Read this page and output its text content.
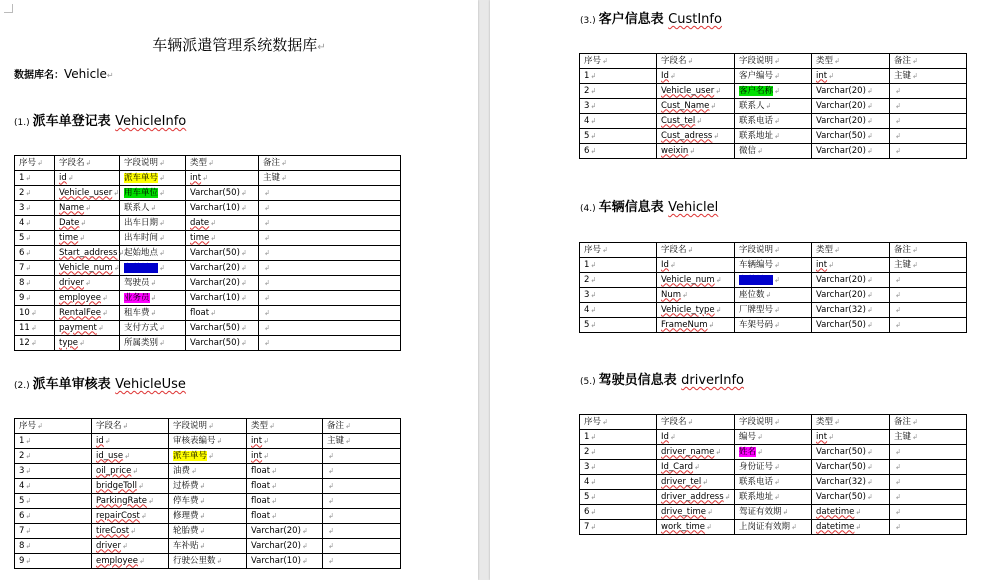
车辆派遣管理系统数据库↵
数据库名：Vehicle↵
(1.) 派车单登记表 VehicleInfo
序号↲	字段名↲	字段说明↲	类型↲	备注↲
1↲	id↲	派车单号↲	int↲	主键↲
2↲	Vehicle_user↲	用车单位↲	Varchar(50)↲	↲
3↲	Name↲	联系人↲	Varchar(10)↲	↲
4↲	Date↲	出车日期↲	date↲	↲
5↲	time↲	出车时间↲	time↲	↲
6↲	Start_address↲	起始地点↲	Varchar(50)↲	↲
7↲	Vehicle_num↲	车牌号码↲	Varchar(20)↲	↲
8↲	driver↲	驾驶员↲	Varchar(20)↲	↲
9↲	employee↲	业务员↲	Varchar(10)↲	↲
10↲	RentalFee↲	租车费↲	float↲	↲
11↲	payment↲	支付方式↲	Varchar(50)↲	↲
12↲	type↲	所属类别↲	Varchar(50)↲	↲
(2.) 派车单审核表 VehicleUse
序号↲	字段名↲	字段说明↲	类型↲	备注↲
1↲	id↲	审核表编号↲	int↲	主键↲
2↲	id_use↲	派车单号↲	int↲	↲
3↲	oil_price↲	油费↲	float↲	↲
4↲	bridgeToll↲	过桥费↲	float↲	↲
5↲	ParkingRate↲	停车费↲	float↲	↲
6↲	repairCost↲	修理费↲	float↲	↲
7↲	tireCost↲	轮胎费↲	Varchar(20)↲	↲
8↲	driver↲	车补贴↲	Varchar(20)↲	↲
9↲	employee↲	行驶公里数↲	Varchar(10)↲	↲
(3.) 客户信息表 CustInfo
序号↲	字段名↲	字段说明↲	类型↲	备注↲
1↲	Id↲	客户编号↲	int↲	主键↲
2↲	Vehicle_user↲	客户名称↲	Varchar(20)↲	↲
3↲	Cust_Name↲	联系人↲	Varchar(20)↲	↲
4↲	Cust_tel↲	联系电话↲	Varchar(20)↲	↲
5↲	Cust_adress↲	联系地址↲	Varchar(50)↲	↲
6↲	weixin↲	微信↲	Varchar(20)↲	↲
(4.) 车辆信息表 Vehiclel
序号↲	字段名↲	字段说明↲	类型↲	备注↲
1↲	Id↲	车辆编号↲	int↲	主键↲
2↲	Vehicle_num↲	车牌号码↲	Varchar(20)↲	↲
3↲	Num↲	座位数↲	Varchar(20)↲	↲
4↲	Vehicle_type↲	厂牌型号↲	Varchar(32)↲	↲
5↲	FrameNum↲	车架号码↲	Varchar(50)↲	↲
(5.) 驾驶员信息表 driverInfo
序号↲	字段名↲	字段说明↲	类型↲	备注↲
1↲	Id↲	编号↲	int↲	主键↲
2↲	driver_name↲	姓名↲	Varchar(50)↲	↲
3↲	Id_Card↲	身份证号↲	Varchar(50)↲	↲
4↲	driver_tel↲	联系电话↲	Varchar(32)↲	↲
5↲	driver_address↲	联系地址↲	Varchar(50)↲	↲
6↲	drive_time↲	驾证有效期↲	datetime↲	↲
7↲	work_time↲	上岗证有效期↲	datetime↲	↲
